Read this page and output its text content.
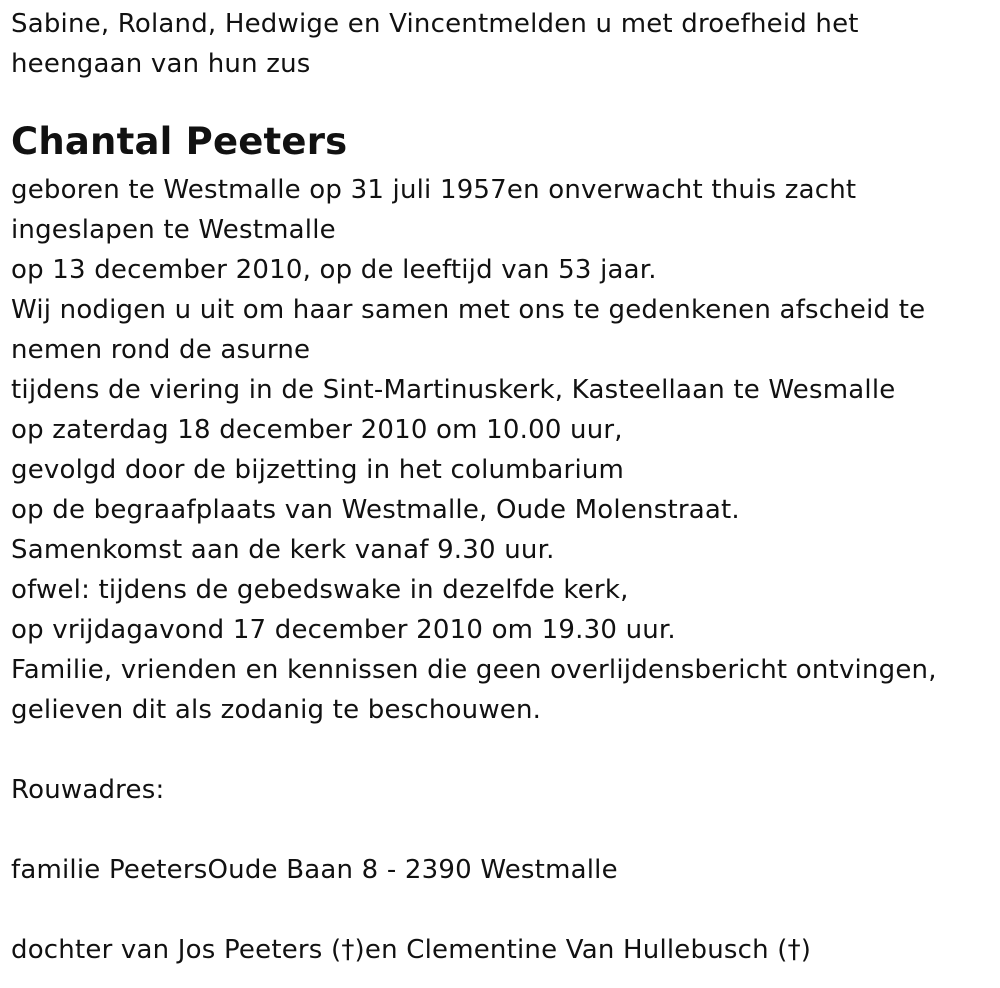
Sabine, Roland, Hedwige en Vincentmelden u met droefheid het
heengaan van hun zus
Chantal Peeters
geboren te Westmalle op 31 juli 1957en onverwacht thuis zacht
ingeslapen te Westmalle
op 13 december 2010, op de leeftijd van 53 jaar.
Wij nodigen u uit om haar samen met ons te gedenkenen afscheid te
nemen rond de asurne
tijdens de viering in de Sint-Martinuskerk, Kasteellaan te Wesmalle
op zaterdag 18 december 2010 om 10.00 uur,
gevolgd door de bijzetting in het columbarium
op de begraafplaats van Westmalle, Oude Molenstraat.
Samenkomst aan de kerk vanaf 9.30 uur.
ofwel: tijdens de gebedswake in dezelfde kerk,
op vrijdagavond 17 december 2010 om 19.30 uur.
Familie, vrienden en kennissen die geen overlijdensbericht ontvingen,
gelieven dit als zodanig te beschouwen.
Rouwadres:
familie PeetersOude Baan 8 - 2390 Westmalle
dochter van Jos Peeters (†)en Clementine Van Hullebusch (†)
